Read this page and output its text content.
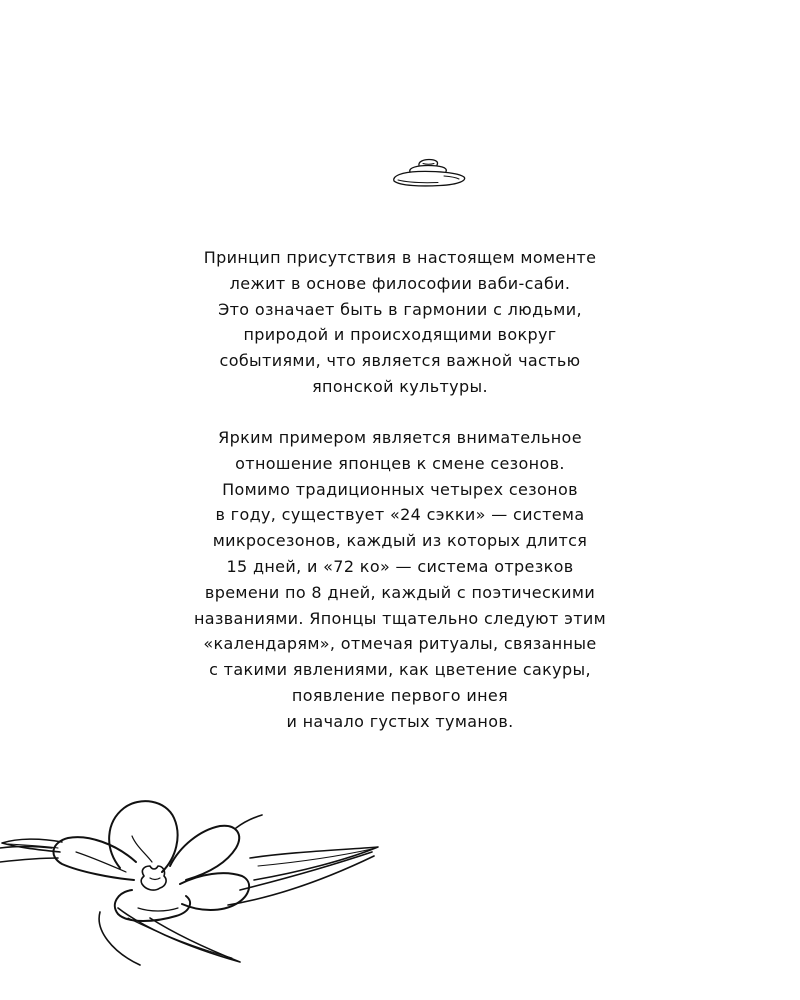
Принцип присутствия в настоящем моменте
лежит в основе философии ваби-саби.
Это означает быть в гармонии с людьми,
природой и происходящими вокруг
событиями, что является важной частью
японской культуры.
Ярким примером является внимательное
отношение японцев к смене сезонов.
Помимо традиционных четырех сезонов
в году, существует «24 сэкки» — система
микросезонов, каждый из которых длится
15 дней, и «72 ко» — система отрезков
времени по 8 дней, каждый с поэтическими
названиями. Японцы тщательно следуют этим
«календарям», отмечая ритуалы, связанные
с такими явлениями, как цветение сакуры,
появление первого инея
и начало густых туманов.
